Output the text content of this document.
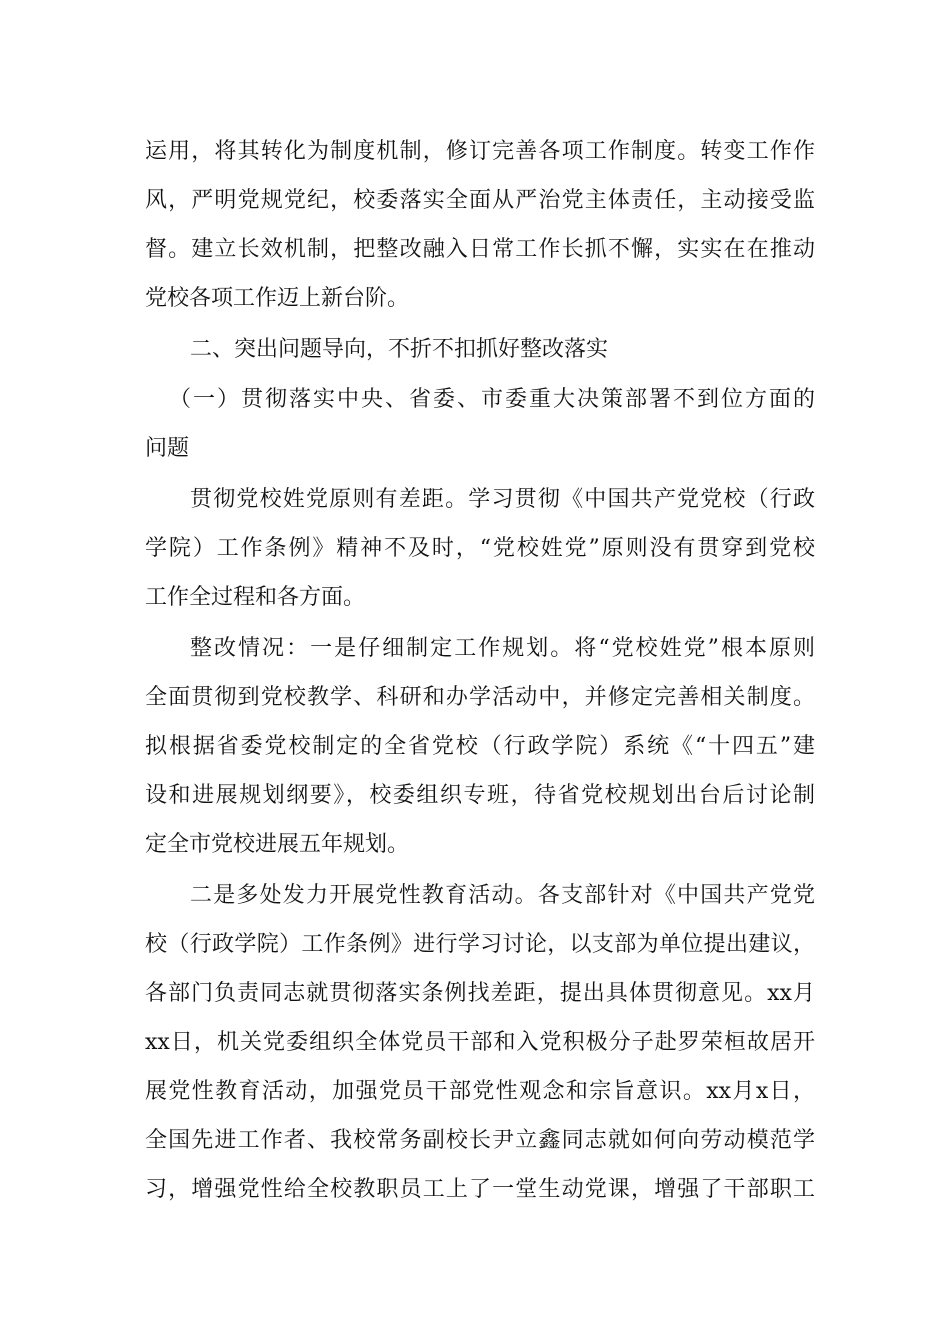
运用，将其转化为制度机制，修订完善各项工作制度。转变工作作
风，严明党规党纪，校委落实全面从严治党主体责任，主动接受监
督。建立长效机制，把整改融入日常工作长抓不懈，实实在在推动
党校各项工作迈上新台阶。
二、突出问题导向，不折不扣抓好整改落实
（一）贯彻落实中央、省委、市委重大决策部署不到位方面的
问题
贯彻党校姓党原则有差距。学习贯彻《中国共产党党校（行政
学院）工作条例》精神不及时，“党校姓党”原则没有贯穿到党校
工作全过程和各方面。
整改情况：一是仔细制定工作规划。将“党校姓党”根本原则
全面贯彻到党校教学、科研和办学活动中，并修定完善相关制度。
拟根据省委党校制定的全省党校（行政学院）系统《“十四五”建
设和进展规划纲要》，校委组织专班，待省党校规划出台后讨论制
定全市党校进展五年规划。
二是多处发力开展党性教育活动。各支部针对《中国共产党党
校（行政学院）工作条例》进行学习讨论，以支部为单位提出建议，
各部门负责同志就贯彻落实条例找差距，提出具体贯彻意见。xx月
xx日，机关党委组织全体党员干部和入党积极分子赴罗荣桓故居开
展党性教育活动，加强党员干部党性观念和宗旨意识。xx月x日，
全国先进工作者、我校常务副校长尹立鑫同志就如何向劳动模范学
习，增强党性给全校教职员工上了一堂生动党课，增强了干部职工
